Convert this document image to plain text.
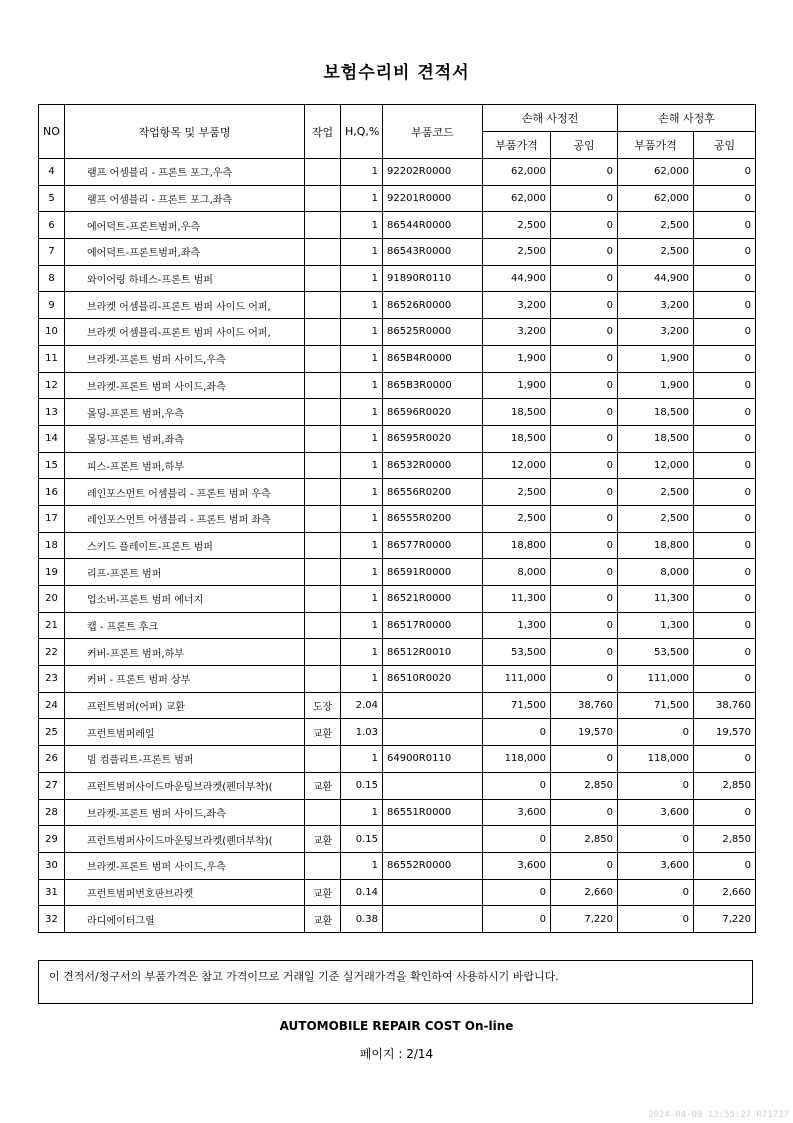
보험수리비 견적서
NO	작업항목 및 부품명	작업	H,Q,%	부품코드	손해 사정전		손해 사정후	
					부품가격	공임	부품가격	공임
4	램프 어셈블리 - 프론트 포그,우측		1	92202R0000	62,000	0	62,000	0
5	램프 어셈블리 - 프론트 포그,좌측		1	92201R0000	62,000	0	62,000	0
6	에어덕트-프론트범퍼,우측		1	86544R0000	2,500	0	2,500	0
7	에어덕트-프론트범퍼,좌측		1	86543R0000	2,500	0	2,500	0
8	와이어링 하네스-프론트 범퍼		1	91890R0110	44,900	0	44,900	0
9	브라켓 어셈블리-프론트 범퍼 사이드 어퍼,		1	86526R0000	3,200	0	3,200	0
10	브라켓 어셈블리-프론트 범퍼 사이드 어퍼,		1	86525R0000	3,200	0	3,200	0
11	브라켓-프론트 범퍼 사이드,우측		1	865B4R0000	1,900	0	1,900	0
12	브라켓-프론트 범퍼 사이드,좌측		1	865B3R0000	1,900	0	1,900	0
13	몰딩-프론트 범퍼,우측		1	86596R0020	18,500	0	18,500	0
14	몰딩-프론트 범퍼,좌측		1	86595R0020	18,500	0	18,500	0
15	피스-프론트 범퍼,하부		1	86532R0000	12,000	0	12,000	0
16	레인포스먼트 어셈블리 - 프론트 범퍼 우측		1	86556R0200	2,500	0	2,500	0
17	레인포스먼트 어셈블리 - 프론트 범퍼 좌측		1	86555R0200	2,500	0	2,500	0
18	스키드 플레이트-프론트 범퍼		1	86577R0000	18,800	0	18,800	0
19	리프-프론트 범퍼		1	86591R0000	8,000	0	8,000	0
20	업소버-프론트 범퍼 에너지		1	86521R0000	11,300	0	11,300	0
21	캡 - 프론트 후크		1	86517R0000	1,300	0	1,300	0
22	커버-프론트 범퍼,하부		1	86512R0010	53,500	0	53,500	0
23	커버 - 프론트 범퍼 상부		1	86510R0020	111,000	0	111,000	0
24	프런트범퍼(어퍼) 교환	도장	2.04		71,500	38,760	71,500	38,760
25	프런트범퍼레일	교환	1.03		0	19,570	0	19,570
26	빔 컴플리트-프론트 범퍼		1	64900R0110	118,000	0	118,000	0
27	프런트범퍼사이드마운팅브라켓(펜더부착)(	교환	0.15		0	2,850	0	2,850
28	브라켓-프론트 범퍼 사이드,좌측		1	86551R0000	3,600	0	3,600	0
29	프런트범퍼사이드마운팅브라켓(펜더부착)(	교환	0.15		0	2,850	0	2,850
30	브라켓-프론트 범퍼 사이드,우측		1	86552R0000	3,600	0	3,600	0
31	프런트범퍼번호판브라켓	교환	0.14		0	2,660	0	2,660
32	라디에이터그릴	교환	0.38		0	7,220	0	7,220
이 견적서/청구서의 부품가격은 참고 가격이므로 거래일 기준 실거래가격을 확인하여 사용하시기 바랍니다.
AUTOMOBILE REPAIR COST On-line
페이지 : 2/14
2024-04-09 13:55:27 R71737
